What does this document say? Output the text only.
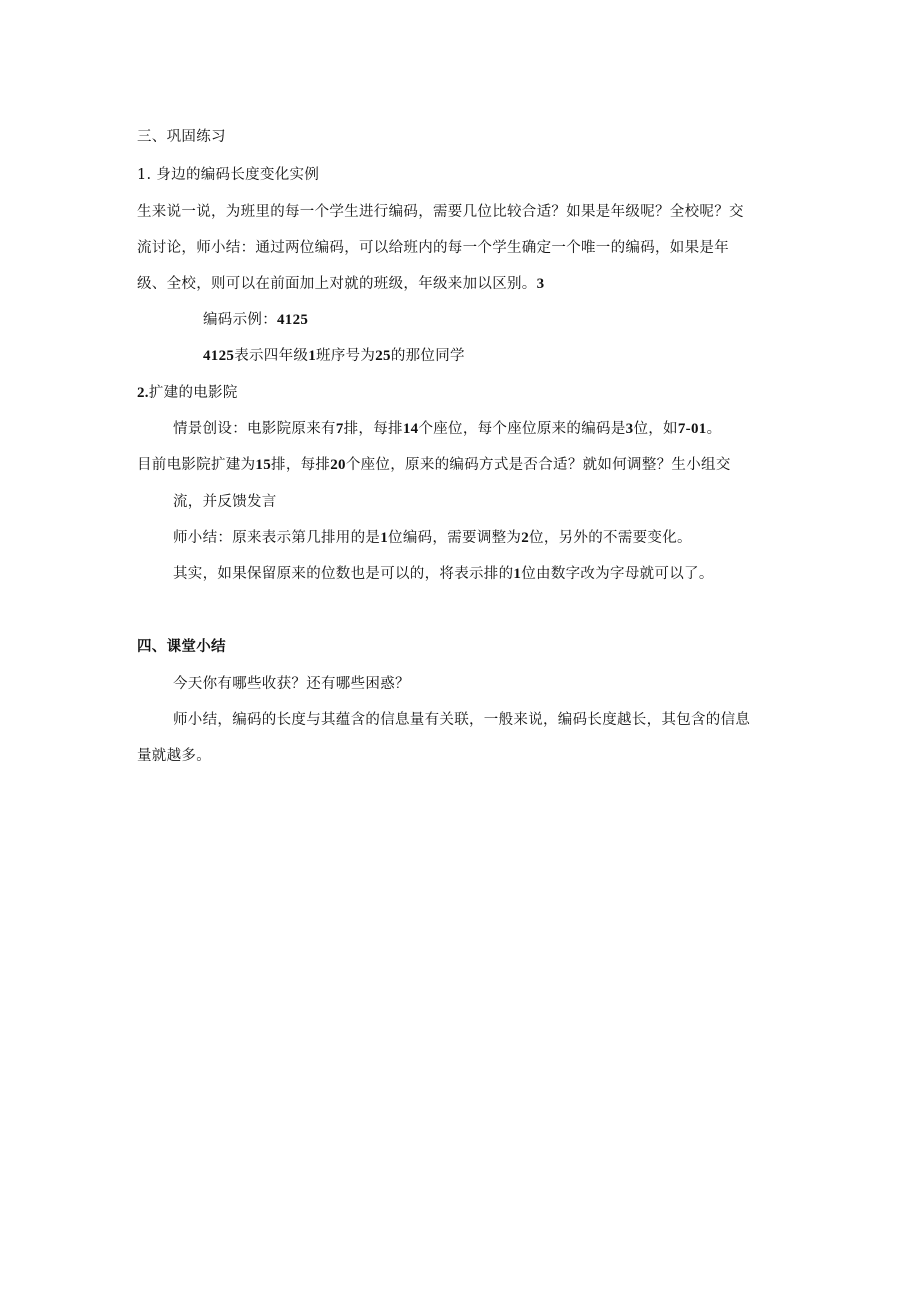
三、巩固练习
1. 身边的编码长度变化实例
生来说一说，为班里的每一个学生进行编码，需要几位比较合适？如果是年级呢？全校呢？交
流讨论，师小结：通过两位编码，可以给班内的每一个学生确定一个唯一的编码，如果是年
级、全校，则可以在前面加上对就的班级，年级来加以区别。3
编码示例：4125
4125表示四年级1班序号为25的那位同学
2.扩建的电影院
情景创设：电影院原来有7排，每排14个座位，每个座位原来的编码是3位，如7-01。
目前电影院扩建为15排，每排20个座位，原来的编码方式是否合适？就如何调整？生小组交
流，并反馈发言
师小结：原来表示第几排用的是1位编码，需要调整为2位，另外的不需要变化。
其实，如果保留原来的位数也是可以的，将表示排的1位由数字改为字母就可以了。
四、课堂小结
今天你有哪些收获？还有哪些困惑？
师小结，编码的长度与其蕴含的信息量有关联，一般来说，编码长度越长，其包含的信息
量就越多。
